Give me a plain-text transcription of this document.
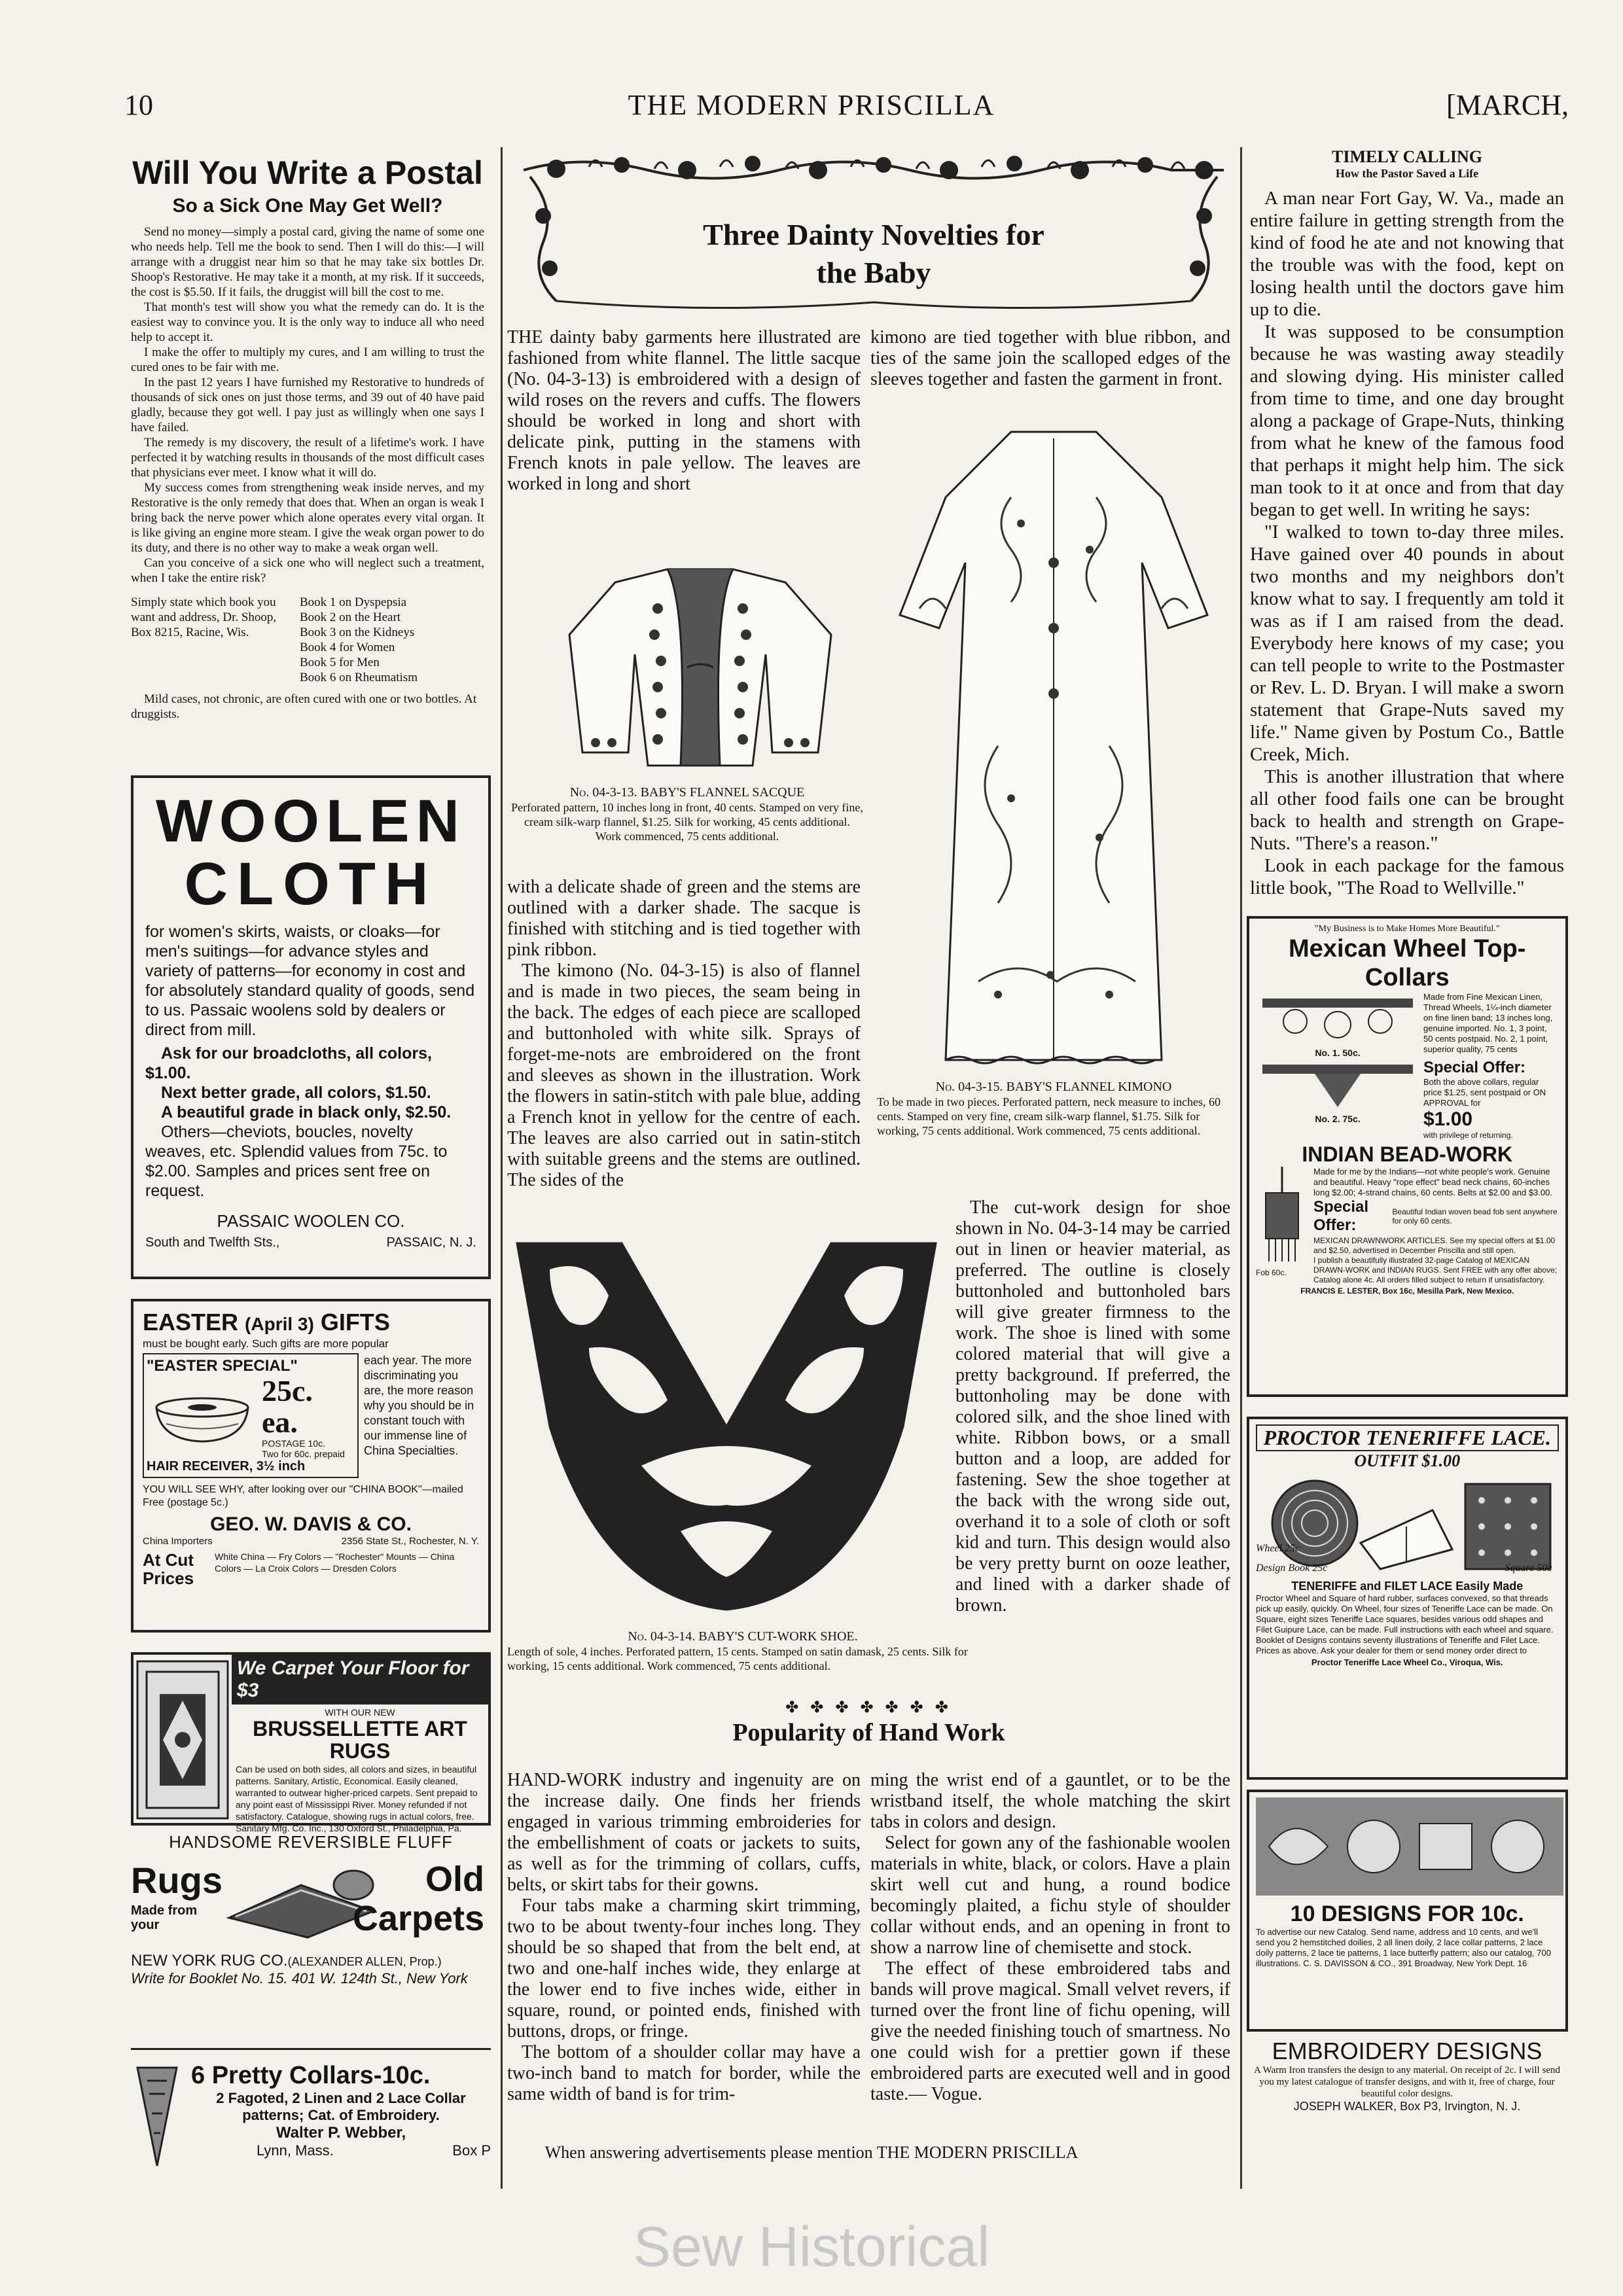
10	THE MODERN PRISCILLA	[MARCH,
Will You Write a Postal
So a Sick One May Get Well?

Send no money—simply a postal card, giving the name of some one who needs help. Tell me the book to send. Then I will do this:—I will arrange with a druggist near him so that he may take six bottles Dr. Shoop's Restorative. He may take it a month, at my risk. If it succeeds, the cost is $5.50. If it fails, the druggist will bill the cost to me.

That month's test will show you what the remedy can do. It is the easiest way to convince you. It is the only way to induce all who need help to accept it.

I make the offer to multiply my cures, and I am willing to trust the cured ones to be fair with me.

In the past 12 years I have furnished my Restorative to hundreds of thousands of sick ones on just those terms, and 39 out of 40 have paid gladly, because they got well. I pay just as willingly when one says I have failed.

The remedy is my discovery, the result of a lifetime's work. I have perfected it by watching results in thousands of the most difficult cases that physicians ever meet. I know what it will do.

My success comes from strengthening weak inside nerves, and my Restorative is the only remedy that does that. When an organ is weak I bring back the nerve power which alone operates every vital organ. It is like giving an engine more steam. I give the weak organ power to do its duty, and there is no other way to make a weak organ well.

Can you conceive of a sick one who will neglect such a treatment, when I take the entire risk?

Simply state which book you want and address, Dr. Shoop, Box 8215, Racine, Wis.
Book 1 on Dyspepsia
Book 2 on the Heart
Book 3 on the Kidneys
Book 4 for Women
Book 5 for Men
Book 6 on Rheumatism
Mild cases, not chronic, are often cured with one or two bottles. At druggists.
WOOLEN
CLOTH
for women's skirts, waists, or cloaks—for men's suitings—for advance styles and variety of patterns—for economy in cost and for absolutely standard quality of goods, send to us. Passaic woolens sold by dealers or direct from mill.
Ask for our broadcloths, all colors, $1.00.
Next better grade, all colors, $1.50.
A beautiful grade in black only, $2.50.
Others—cheviots, boucles, novelty weaves, etc. Splendid values from 75c. to $2.00. Samples and prices sent free on request.
PASSAIC WOOLEN CO.
South and Twelfth Sts.,	PASSAIC, N. J.
EASTER (April 3) GIFTS
must be bought early. Such gifts are more popular
"EASTER SPECIAL"
25c. ea.
POSTAGE 10c.
Two for 60c. prepaid
HAIR RECEIVER, 3½ inch
each year. The more discriminating you are, the more reason why you should be in constant touch with our immense line of China Specialties.
YOU WILL SEE WHY, after looking over our "CHINA BOOK"—mailed Free (postage 5c.)
GEO. W. DAVIS & CO.
China Importers	2356 State St., Rochester, N. Y.
At Cut Prices
White China — Fry Colors — "Rochester" Mounts — China Colors — La Croix Colors — Dresden Colors
We Carpet Your Floor for $3
WITH OUR NEW
BRUSSELLETTE ART RUGS
Can be used on both sides, all colors and sizes, in beautiful patterns. Sanitary, Artistic, Economical. Easily cleaned, warranted to outwear higher-priced carpets. Sent prepaid to any point east of Mississippi River. Money refunded if not satisfactory. Catalogue, showing rugs in actual colors, free. Sanitary Mfg. Co. Inc., 130 Oxford St., Philadelphia, Pa.
HANDSOME REVERSIBLE FLUFF
Rugs
Made from your
Old
Carpets
NEW YORK RUG CO.(ALEXANDER ALLEN, Prop.)
Write for Booklet No. 15. 401 W. 124th St., New York
6 Pretty Collars-10c.
2 Fagoted, 2 Linen and 2 Lace Collar patterns; Cat. of Embroidery.
Walter P. Webber,
Lynn, Mass.	Box P
Three Dainty Novelties for
the Baby
THE dainty baby garments here illustrated are fashioned from white flannel. The little sacque (No. 04-3-13) is embroidered with a design of wild roses on the revers and cuffs. The flowers should be worked in long and short with delicate pink, putting in the stamens with French knots in pale yellow. The leaves are worked in long and short
kimono are tied together with blue ribbon, and ties of the same join the scalloped edges of the sleeves together and fasten the garment in front.
No. 04-3-13. BABY'S FLANNEL SACQUE
Perforated pattern, 10 inches long in front, 40 cents. Stamped on very fine, cream silk-warp flannel, $1.25. Silk for working, 45 cents additional. Work commenced, 75 cents additional.

with a delicate shade of green and the stems are outlined with a darker shade. The sacque is finished with stitching and is tied together with pink ribbon.

The kimono (No. 04-3-15) is also of flannel and is made in two pieces, the seam being in the back. The edges of each piece are scalloped and buttonholed with white silk. Sprays of forget-me-nots are embroidered on the front and sleeves as shown in the illustration. Work the flowers in satin-stitch with pale blue, adding a French knot in yellow for the centre of each. The leaves are also carried out in satin-stitch with suitable greens and the stems are outlined. The sides of the

No. 04-3-15. BABY'S FLANNEL KIMONO
To be made in two pieces. Perforated pattern, neck measure to inches, 60 cents. Stamped on very fine, cream silk-warp flannel, $1.75. Silk for working, 75 cents additional. Work commenced, 75 cents additional.
No. 04-3-14. BABY'S CUT-WORK SHOE.
Length of sole, 4 inches. Perforated pattern, 15 cents. Stamped on satin damask, 25 cents. Silk for working, 15 cents additional. Work commenced, 75 cents additional.
The cut-work design for shoe shown in No. 04-3-14 may be carried out in linen or heavier material, as preferred. The outline is closely buttonholed and buttonholed bars will give greater firmness to the work. The shoe is lined with some colored material that will give a pretty background. If preferred, the buttonholing may be done with colored silk, and the shoe lined with white. Ribbon bows, or a small button and a loop, are added for fastening. Sew the shoe together at the back with the wrong side out, overhand it to a sole of cloth or soft kid and turn. This design would also be very pretty burnt on ooze leather, and lined with a darker shade of brown.
✤ ✤ ✤ ✤ ✤ ✤ ✤
Popularity of Hand Work

HAND-WORK industry and ingenuity are on the increase daily. One finds her friends engaged in various trimming embroideries for the embellishment of coats or jackets to suits, as well as for the trimming of collars, cuffs, belts, or skirt tabs for their gowns.

Four tabs make a charming skirt trimming, two to be about twenty-four inches long. They should be so shaped that from the belt end, at two and one-half inches wide, they enlarge at the lower end to five inches wide, either in square, round, or pointed ends, finished with buttons, drops, or fringe.

The bottom of a shoulder collar may have a two-inch band to match for border, while the same width of band is for trim-

ming the wrist end of a gauntlet, or to be the wristband itself, the whole matching the skirt tabs in colors and design.

Select for gown any of the fashionable woolen materials in white, black, or colors. Have a plain skirt well cut and hung, a round bodice becomingly plaited, a fichu style of shoulder collar without ends, and an opening in front to show a narrow line of chemisette and stock.

The effect of these embroidered tabs and bands will prove magical. Small velvet revers, if turned over the front line of fichu opening, will give the needed finishing touch of smartness. No one could wish for a prettier gown if these embroidered parts are executed well and in good taste.— Vogue.

TIMELY CALLING
How the Pastor Saved a Life

A man near Fort Gay, W. Va., made an entire failure in getting strength from the kind of food he ate and not knowing that the trouble was with the food, kept on losing health until the doctors gave him up to die.

It was supposed to be consumption because he was wasting away steadily and slowing dying. His minister called from time to time, and one day brought along a package of Grape-Nuts, thinking from what he knew of the famous food that perhaps it might help him. The sick man took to it at once and from that day began to get well. In writing he says:

"I walked to town to-day three miles. Have gained over 40 pounds in about two months and my neighbors don't know what to say. I frequently am told it was as if I am raised from the dead. Everybody here knows of my case; you can tell people to write to the Postmaster or Rev. L. D. Bryan. I will make a sworn statement that Grape-Nuts saved my life." Name given by Postum Co., Battle Creek, Mich.

This is another illustration that where all other food fails one can be brought back to health and strength on Grape-Nuts. "There's a reason."

Look in each package for the famous little book, "The Road to Wellville."

"My Business is to Make Homes More Beautiful."
Mexican Wheel Top-Collars
No. 1. 50c.
No. 2. 75c.
Made from Fine Mexican Linen, Thread Wheels, 1¼-inch diameter on fine linen band; 13 inches long, genuine imported. No. 1, 3 point, 50 cents postpaid. No. 2, 1 point, superior quality, 75 cents
Special Offer:
Both the above collars, regular price $1.25, sent postpaid or ON APPROVAL for
$1.00
with privilege of returning.
INDIAN BEAD-WORK
Fob 60c.
Made for me by the Indians—not white people's work. Genuine and beautiful. Heavy "rope effect" bead neck chains, 60-inches long $2.00; 4-strand chains, 60 cents. Belts at $2.00 and $3.00.
Special Offer:
Beautiful Indian woven bead fob sent anywhere for only 60 cents.
MEXICAN DRAWNWORK ARTICLES. See my special offers at $1.00 and $2.50, advertised in December Priscilla and still open.
I publish a beautifully illustrated 32-page Catalog of MEXICAN DRAWN-WORK and INDIAN RUGS. Sent FREE with any offer above; Catalog alone 4c. All orders filled subject to return if unsatisfactory.
FRANCIS E. LESTER, Box 16c, Mesilla Park, New Mexico.
PROCTOR TENERIFFE LACE.
OUTFIT $1.00
Wheel 25c
Design Book 25c	Square 50c
TENERIFFE and FILET LACE Easily Made
Proctor Wheel and Square of hard rubber, surfaces convexed, so that threads pick up easily, quickly. On Wheel, four sizes of Teneriffe Lace can be made. On Square, eight sizes Teneriffe Lace squares, besides various odd shapes and Filet Guipure Lace, can be made. Full instructions with each wheel and square. Booklet of Designs contains seventy illustrations of Teneriffe and Filet Lace. Prices as above. Ask your dealer for them or send money order direct to
Proctor Teneriffe Lace Wheel Co., Viroqua, Wis.
10 DESIGNS FOR 10c.
To advertise our new Catalog. Send name, address and 10 cents, and we'll send you 2 hemstitched doilies, 2 all linen doily, 2 lace collar patterns, 2 lace doily patterns, 2 lace tie patterns, 1 lace butterfly pattern; also our catalog, 700 illustrations. C. S. DAVISSON & CO., 391 Broadway, New York Dept. 16
EMBROIDERY DESIGNS
A Warm Iron transfers the design to any material. On receipt of 2c. I will send you my latest catalogue of transfer designs, and with it, free of charge, four beautiful color designs.
JOSEPH WALKER, Box P3, Irvington, N. J.
When answering advertisements please mention THE MODERN PRISCILLA
Sew Historical
